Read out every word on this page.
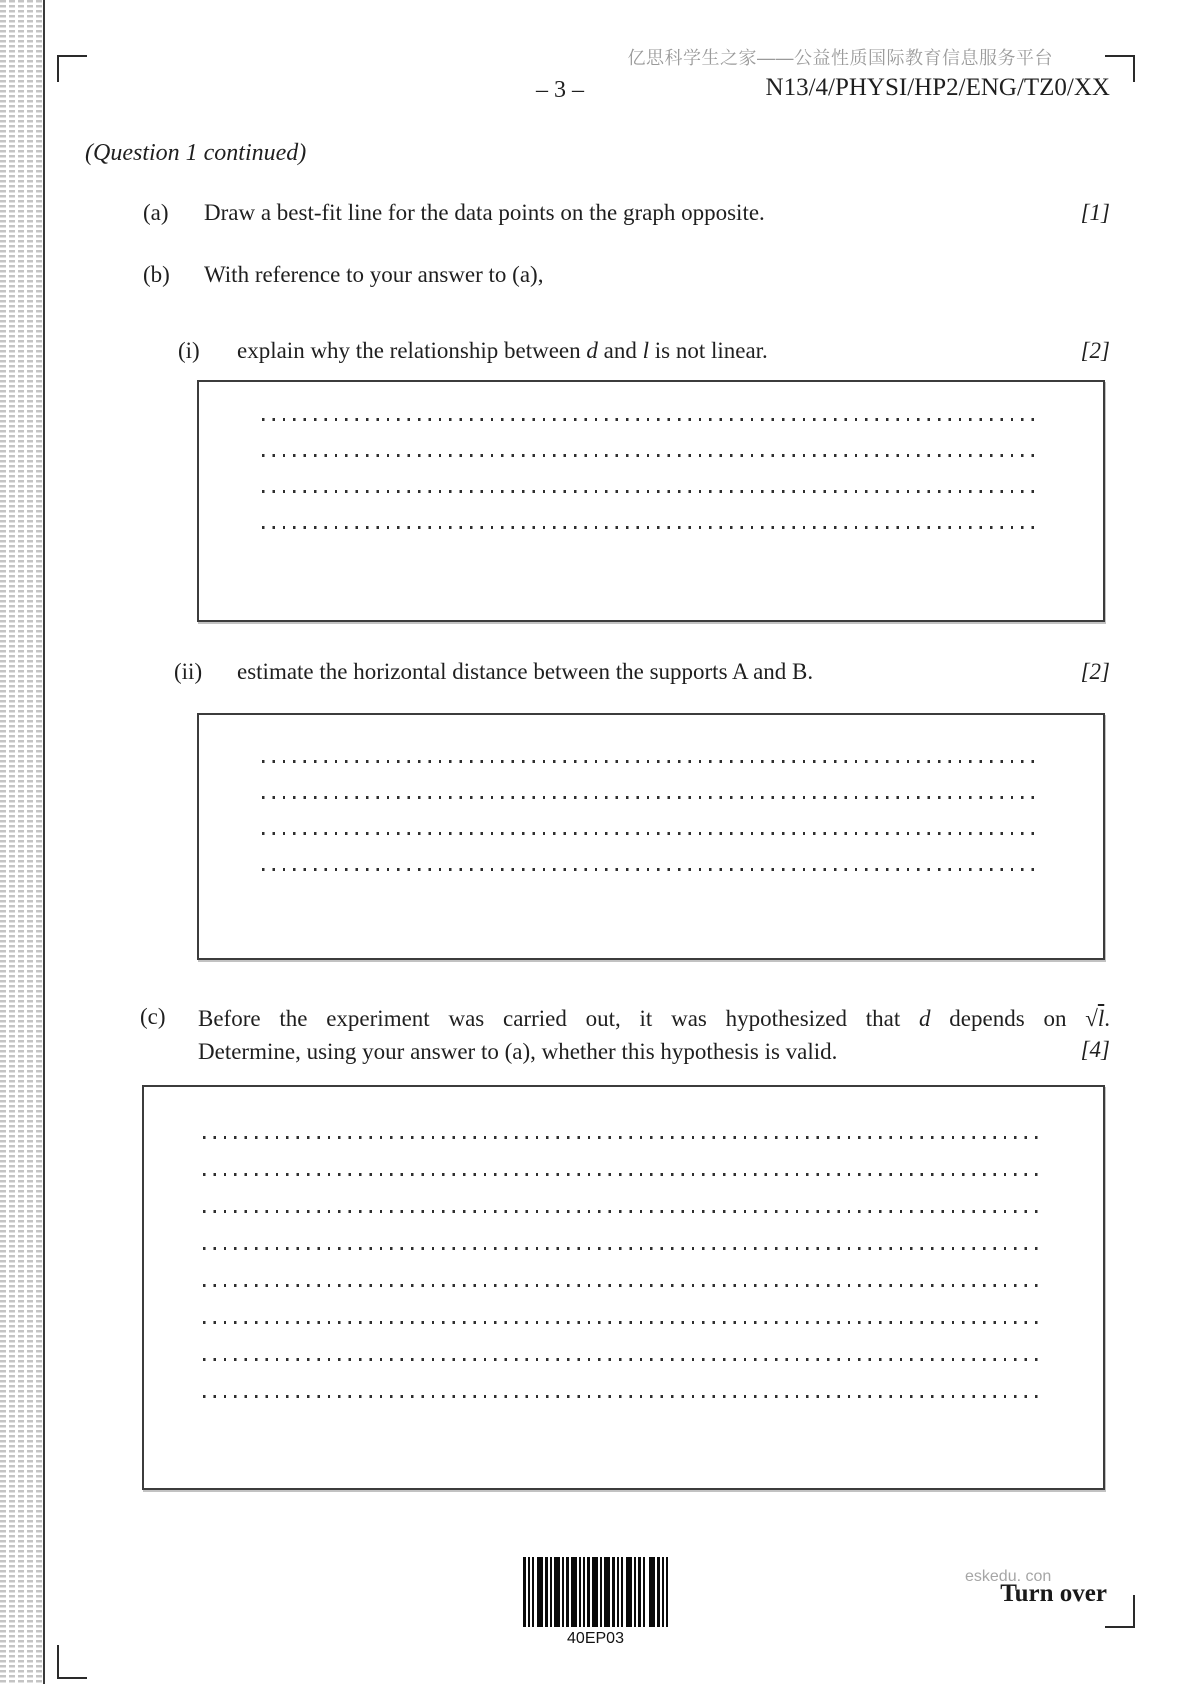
亿思科学生之家——公益性质国际教育信息服务平台
– 3 –	N13/4/PHYSI/HP2/ENG/TZ0/XX
(Question 1 continued)
(a) Draw a best-fit line for the data points on the graph opposite.	[1]
(b) With reference to your answer to (a),
(i) explain why the relationship between d and l is not linear.	[2]
(ii) estimate the horizontal distance between the supports A and B.	[2]
(c) Before the experiment was carried out, it was hypothesized that d depends on √l.
Determine, using your answer to (a), whether this hypothesis is valid.	[4]
40EP03
eskedu. con
Turn over
